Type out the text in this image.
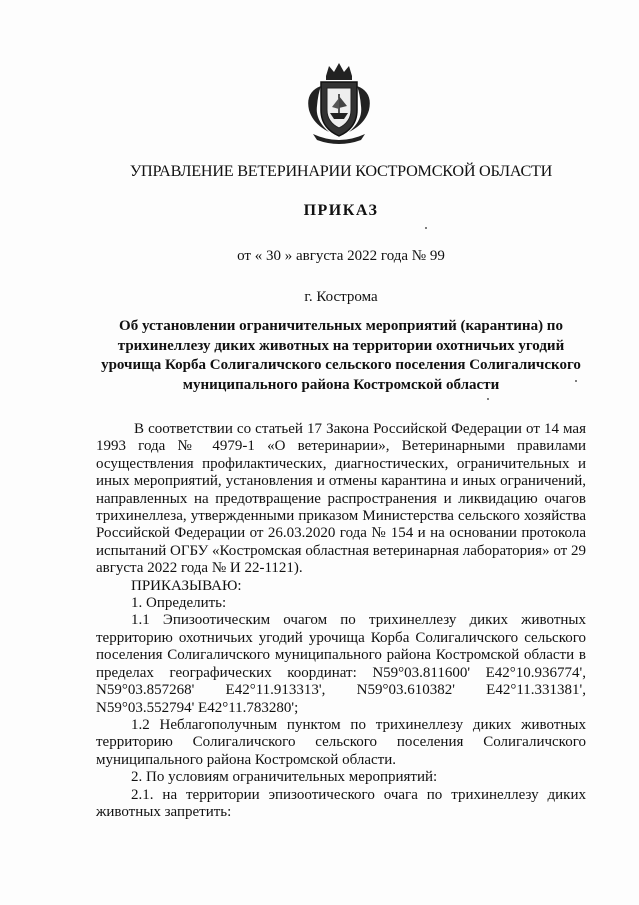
УПРАВЛЕНИЕ ВЕТЕРИНАРИИ КОСТРОМСКОЙ ОБЛАСТИ
ПРИКАЗ
от « 30 » августа 2022 года № 99
г. Кострома
Об установлении ограничительных мероприятий (карантина) по
трихинеллезу диких животных на территории охотничьих угодий
урочища Корба Солигаличского сельского поселения Солигаличского
муниципального района Костромской области

В соответствии со статьей 17 Закона Российской Федерации от 14 мая 1993 года № 4979-1 «О ветеринарии», Ветеринарными правилами осуществления профилактических, диагностических, ограничительных и иных мероприятий, установления и отмены карантина и иных ограничений, направленных на предотвращение распространения и ликвидацию очагов трихинеллеза, утвержденными приказом Министерства сельского хозяйства Российской Федерации от 26.03.2020 года № 154 и на основании протокола испытаний ОГБУ «Костромская областная ветеринарная лаборатория» от 29 августа 2022 года № И 22-1121).

ПРИКАЗЫВАЮ:

1. Определить:

1.1 Эпизоотическим очагом по трихинеллезу диких животных территорию охотничьих угодий урочища Корба Солигаличского сельского поселения Солигаличского муниципального района Костромской области в пределах географических координат: N59°03.811600' E42°10.936774', N59°03.857268' E42°11.913313', N59°03.610382' E42°11.331381', N59°03.552794' E42°11.783280';

1.2 Неблагополучным пунктом по трихинеллезу диких животных территорию Солигаличского сельского поселения Солигаличского муниципального района Костромской области.

2. По условиям ограничительных мероприятий:

2.1. на территории эпизоотического очага по трихинеллезу диких животных запретить:
